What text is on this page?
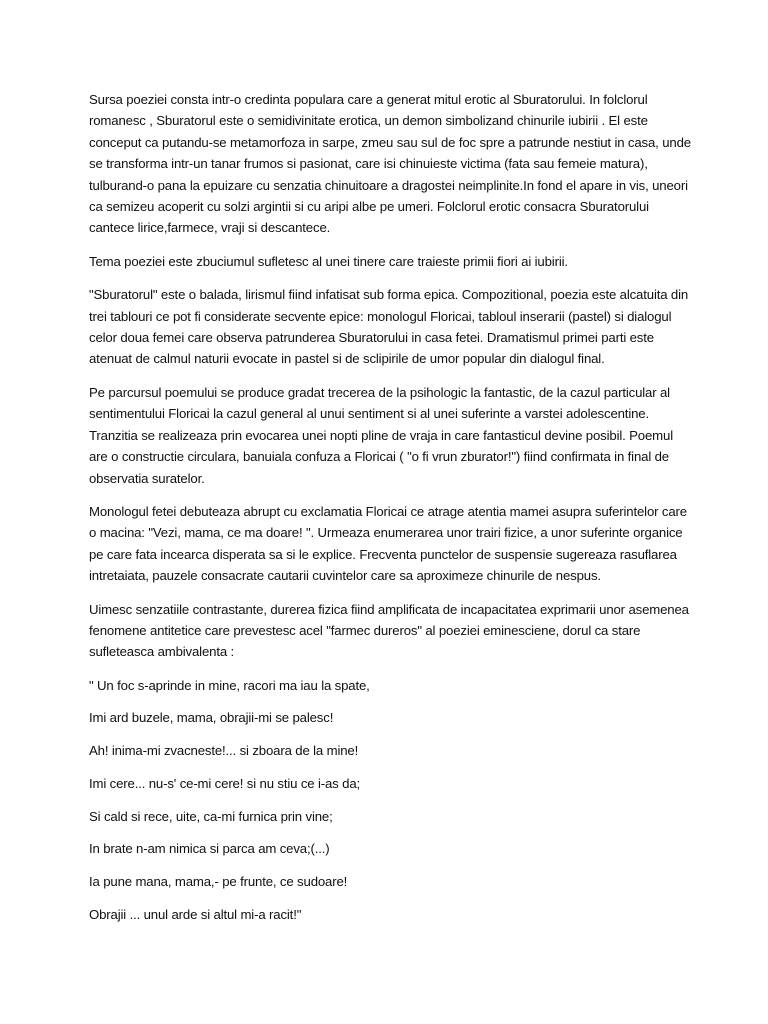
Sursa poeziei consta intr-o credinta populara care a generat mitul erotic al Sburatorului. In folclorul romanesc , Sburatorul este o semidivinitate erotica, un demon simbolizand chinurile iubirii . El este conceput ca putandu-se metamorfoza in sarpe, zmeu sau sul de foc spre a patrunde nestiut in casa, unde se transforma intr-un tanar frumos si pasionat, care isi chinuieste victima (fata sau femeie matura), tulburand-o pana la epuizare cu senzatia chinuitoare a dragostei neimplinite.In fond el apare in vis, uneori ca semizeu acoperit cu solzi argintii si cu aripi albe pe umeri. Folclorul erotic consacra Sburatorului cantece lirice,farmece, vraji si descantece.

Tema poeziei este zbuciumul sufletesc al unei tinere care traieste primii fiori ai iubirii.

"Sburatorul" este o balada, lirismul fiind infatisat sub forma epica. Compozitional, poezia este alcatuita din trei tablouri ce pot fi considerate secvente epice: monologul Floricai, tabloul inserarii (pastel) si dialogul celor doua femei care observa patrunderea Sburatorului in casa fetei. Dramatismul primei parti este atenuat de calmul naturii evocate in pastel si de sclipirile de umor popular din dialogul final.

Pe parcursul poemului se produce gradat trecerea de la psihologic la fantastic, de la cazul particular al sentimentului Floricai la cazul general al unui sentiment si al unei suferinte a varstei adolescentine. Tranzitia se realizeaza prin evocarea unei nopti pline de vraja in care fantasticul devine posibil. Poemul are o constructie circulara, banuiala confuza a Floricai ( "o fi vrun zburator!") fiind confirmata in final de observatia suratelor.

Monologul fetei debuteaza abrupt cu exclamatia Floricai ce atrage atentia mamei asupra suferintelor care o macina: "Vezi, mama, ce ma doare! ". Urmeaza enumerarea unor trairi fizice, a unor suferinte organice pe care fata incearca disperata sa si le explice. Frecventa punctelor de suspensie sugereaza rasuflarea intretaiata, pauzele consacrate cautarii cuvintelor care sa aproximeze chinurile de nespus.

Uimesc senzatiile contrastante, durerea fizica fiind amplificata de incapacitatea exprimarii unor asemenea fenomene antitetice care prevestesc acel "farmec dureros" al poeziei eminesciene, dorul ca stare sufleteasca ambivalenta :

" Un foc s-aprinde in mine, racori ma iau la spate,

Imi ard buzele, mama, obrajii-mi se palesc!

Ah! inima-mi zvacneste!... si zboara de la mine!

Imi cere... nu-s' ce-mi cere! si nu stiu ce i-as da;

Si cald si rece, uite, ca-mi furnica prin vine;

In brate n-am nimica si parca am ceva;(...)

Ia pune mana, mama,- pe frunte, ce sudoare!

Obrajii ... unul arde si altul mi-a racit!"
